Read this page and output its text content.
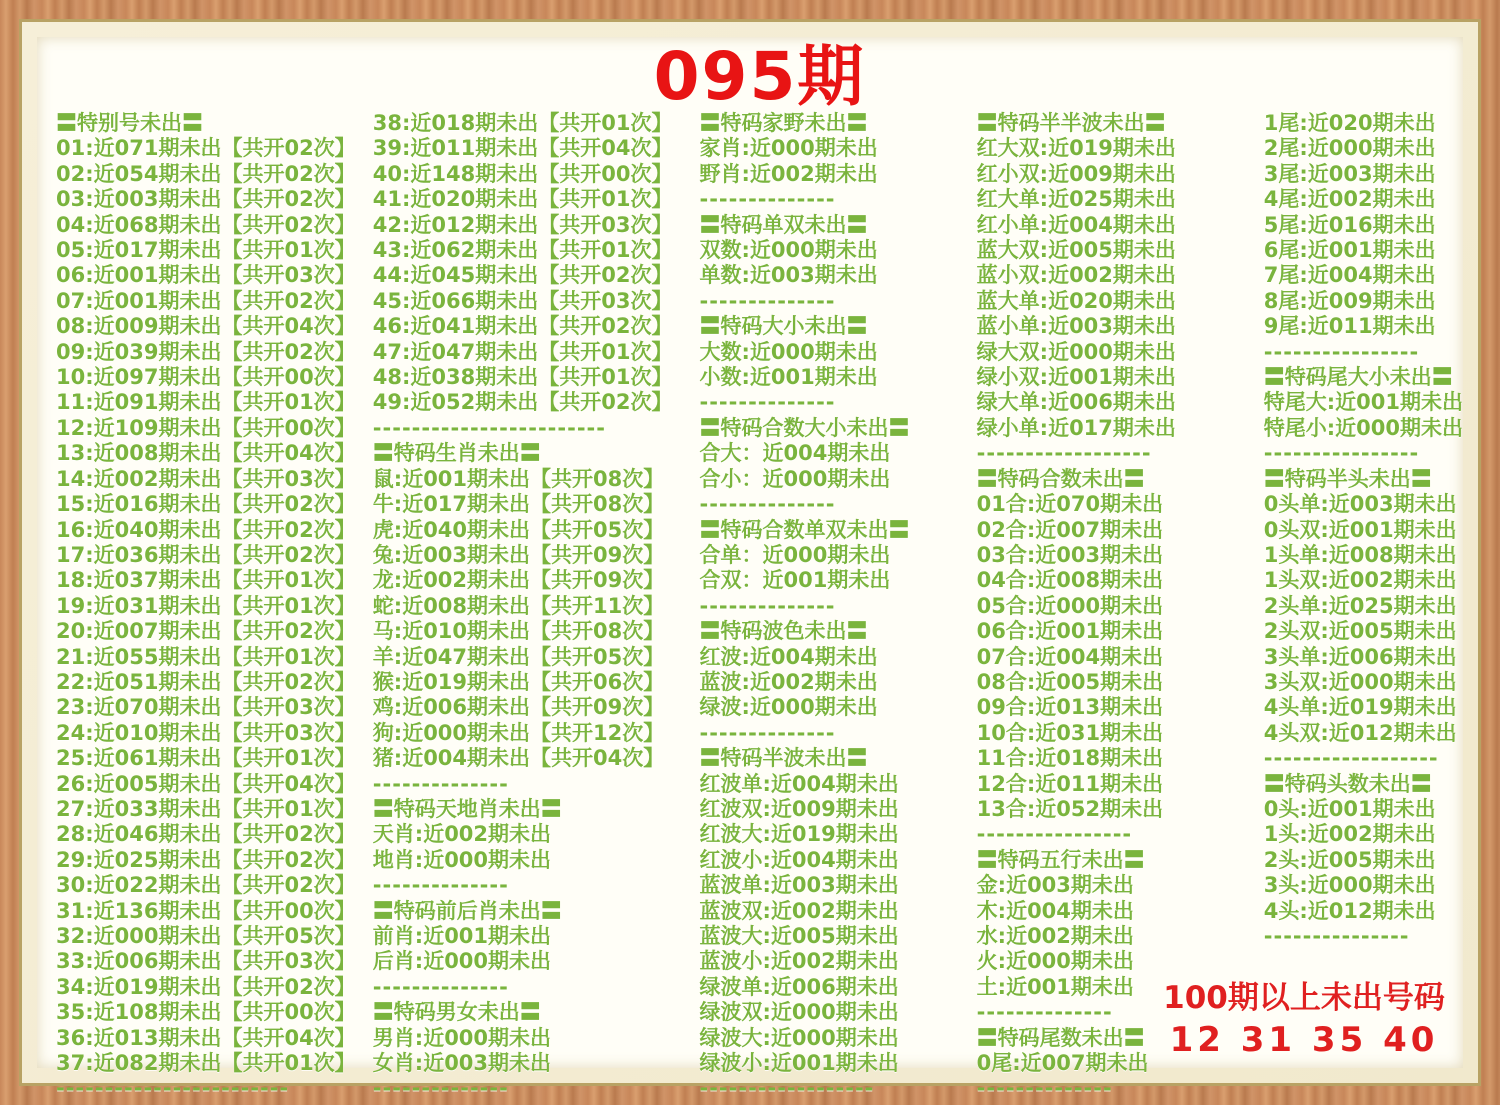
095期
〓特别号未出〓
01:近071期未出【共开02次】
02:近054期未出【共开02次】
03:近003期未出【共开02次】
04:近068期未出【共开02次】
05:近017期未出【共开01次】
06:近001期未出【共开03次】
07:近001期未出【共开02次】
08:近009期未出【共开04次】
09:近039期未出【共开02次】
10:近097期未出【共开00次】
11:近091期未出【共开01次】
12:近109期未出【共开00次】
13:近008期未出【共开04次】
14:近002期未出【共开03次】
15:近016期未出【共开02次】
16:近040期未出【共开02次】
17:近036期未出【共开02次】
18:近037期未出【共开01次】
19:近031期未出【共开01次】
20:近007期未出【共开02次】
21:近055期未出【共开01次】
22:近051期未出【共开02次】
23:近070期未出【共开03次】
24:近010期未出【共开03次】
25:近061期未出【共开01次】
26:近005期未出【共开04次】
27:近033期未出【共开01次】
28:近046期未出【共开02次】
29:近025期未出【共开02次】
30:近022期未出【共开02次】
31:近136期未出【共开00次】
32:近000期未出【共开05次】
33:近006期未出【共开03次】
34:近019期未出【共开02次】
35:近108期未出【共开00次】
36:近013期未出【共开04次】
37:近082期未出【共开01次】
------------------------
38:近018期未出【共开01次】
39:近011期未出【共开04次】
40:近148期未出【共开00次】
41:近020期未出【共开01次】
42:近012期未出【共开03次】
43:近062期未出【共开01次】
44:近045期未出【共开02次】
45:近066期未出【共开03次】
46:近041期未出【共开02次】
47:近047期未出【共开01次】
48:近038期未出【共开01次】
49:近052期未出【共开02次】
------------------------
〓特码生肖未出〓
鼠:近001期未出【共开08次】
牛:近017期未出【共开08次】
虎:近040期未出【共开05次】
兔:近003期未出【共开09次】
龙:近002期未出【共开09次】
蛇:近008期未出【共开11次】
马:近010期未出【共开08次】
羊:近047期未出【共开05次】
猴:近019期未出【共开06次】
鸡:近006期未出【共开09次】
狗:近000期未出【共开12次】
猪:近004期未出【共开04次】
--------------
〓特码天地肖未出〓
天肖:近002期未出
地肖:近000期未出
--------------
〓特码前后肖未出〓
前肖:近001期未出
后肖:近000期未出
--------------
〓特码男女未出〓
男肖:近000期未出
女肖:近003期未出
--------------
〓特码家野未出〓
家肖:近000期未出
野肖:近002期未出
--------------
〓特码单双未出〓
双数:近000期未出
单数:近003期未出
--------------
〓特码大小未出〓
大数:近000期未出
小数:近001期未出
--------------
〓特码合数大小未出〓
合大：近004期未出
合小：近000期未出
--------------
〓特码合数单双未出〓
合单：近000期未出
合双：近001期未出
--------------
〓特码波色未出〓
红波:近004期未出
蓝波:近002期未出
绿波:近000期未出
--------------
〓特码半波未出〓
红波单:近004期未出
红波双:近009期未出
红波大:近019期未出
红波小:近004期未出
蓝波单:近003期未出
蓝波双:近002期未出
蓝波大:近005期未出
蓝波小:近002期未出
绿波单:近006期未出
绿波双:近000期未出
绿波大:近000期未出
绿波小:近001期未出
------------------
〓特码半半波未出〓
红大双:近019期未出
红小双:近009期未出
红大单:近025期未出
红小单:近004期未出
蓝大双:近005期未出
蓝小双:近002期未出
蓝大单:近020期未出
蓝小单:近003期未出
绿大双:近000期未出
绿小双:近001期未出
绿大单:近006期未出
绿小单:近017期未出
------------------
〓特码合数未出〓
01合:近070期未出
02合:近007期未出
03合:近003期未出
04合:近008期未出
05合:近000期未出
06合:近001期未出
07合:近004期未出
08合:近005期未出
09合:近013期未出
10合:近031期未出
11合:近018期未出
12合:近011期未出
13合:近052期未出
----------------
〓特码五行未出〓
金:近003期未出
木:近004期未出
水:近002期未出
火:近000期未出
土:近001期未出
--------------
〓特码尾数未出〓
0尾:近007期未出
--------------
1尾:近020期未出
2尾:近000期未出
3尾:近003期未出
4尾:近002期未出
5尾:近016期未出
6尾:近001期未出
7尾:近004期未出
8尾:近009期未出
9尾:近011期未出
----------------
〓特码尾大小未出〓
特尾大:近001期未出
特尾小:近000期未出
----------------
〓特码半头未出〓
0头单:近003期未出
0头双:近001期未出
1头单:近008期未出
1头双:近002期未出
2头单:近025期未出
2头双:近005期未出
3头单:近006期未出
3头双:近000期未出
4头单:近019期未出
4头双:近012期未出
------------------
〓特码头数未出〓
0头:近001期未出
1头:近002期未出
2头:近005期未出
3头:近000期未出
4头:近012期未出
---------------
100期以上未出号码
12 31 35 40
